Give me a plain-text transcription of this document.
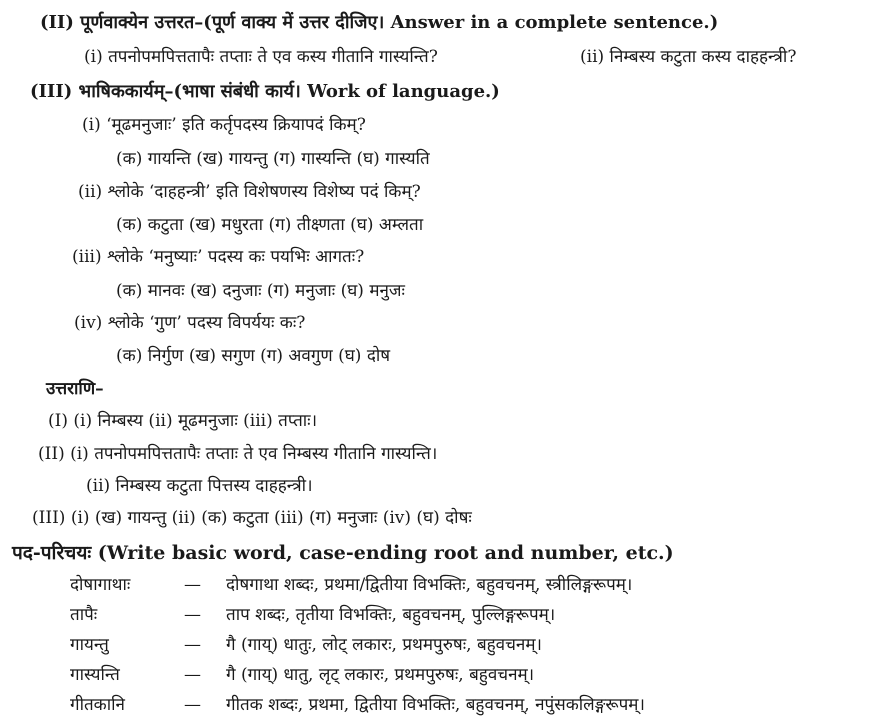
(II) पूर्णवाक्येन उत्तरत–(पूर्ण वाक्य में उत्तर दीजिए। Answer in a complete sentence.)
(i) तपनोपमपित्ततापैः तप्ताः ते एव कस्य गीतानि गास्यन्ति?	(ii) निम्बस्य कटुता कस्य दाहहन्त्री?
(III) भाषिककार्यम्–(भाषा संबंधी कार्य। Work of language.)
(i) ‘मूढमनुजाः’ इति कर्तृपदस्य क्रियापदं किम्?
(क) गायन्ति (ख) गायन्तु (ग) गास्यन्ति (घ) गास्यति
(ii) श्लोके ‘दाहहन्त्री’ इति विशेषणस्य विशेष्य पदं किम्?
(क) कटुता (ख) मधुरता (ग) तीक्ष्णता (घ) अम्लता
(iii) श्लोके ‘मनुष्याः’ पदस्य कः पयभिः आगतः?
(क) मानवः (ख) दनुजाः (ग) मनुजाः (घ) मनुजः
(iv) श्लोके ‘गुण’ पदस्य विपर्ययः कः?
(क) निर्गुण (ख) सगुण (ग) अवगुण (घ) दोष
उत्तराणि–
(I) (i) निम्बस्य (ii) मूढमनुजाः (iii) तप्ताः।
(II) (i) तपनोपमपित्ततापैः तप्ताः ते एव निम्बस्य गीतानि गास्यन्ति।
(ii) निम्बस्य कटुता पित्तस्य दाहहन्त्री।
(III) (i) (ख) गायन्तु (ii) (क) कटुता (iii) (ग) मनुजाः (iv) (घ) दोषः
पद-परिचयः (Write basic word, case-ending root and number, etc.)
दोषागाथाः	— दोषगाथा शब्दः, प्रथमा/द्वितीया विभक्तिः, बहुवचनम्, स्त्रीलिङ्गरूपम्।
तापैः	— ताप शब्दः, तृतीया विभक्तिः, बहुवचनम्, पुल्लिङ्गरूपम्।
गायन्तु	— गै (गाय्) धातुः, लोट् लकारः, प्रथमपुरुषः, बहुवचनम्।
गास्यन्ति	— गै (गाय्) धातु, लृट् लकारः, प्रथमपुरुषः, बहुवचनम्।
गीतकानि	— गीतक शब्दः, प्रथमा, द्वितीया विभक्तिः, बहुवचनम्, नपुंसकलिङ्गरूपम्।
